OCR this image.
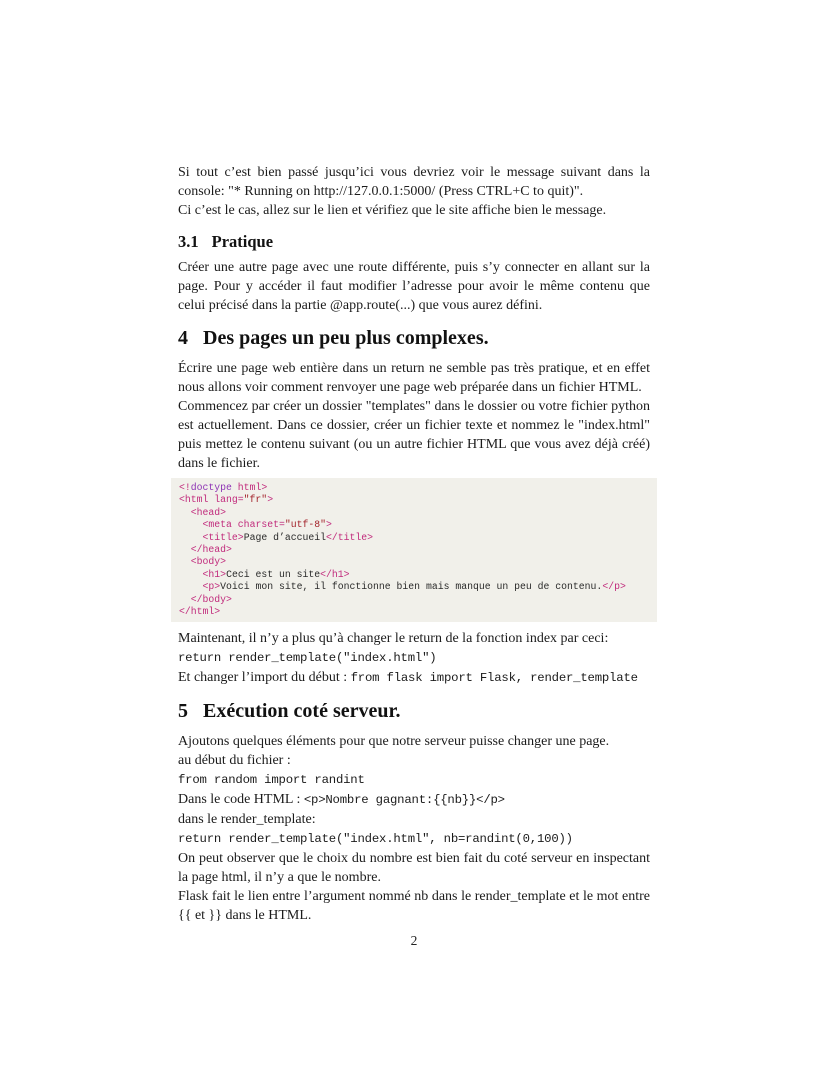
Si tout c’est bien passé jusqu’ici vous devriez voir le message suivant dans la console: "* Running on http://127.0.0.1:5000/ (Press CTRL+C to quit)".
Ci c’est le cas, allez sur le lien et vérifiez que le site affiche bien le message.

3.1 Pratique

Créer une autre page avec une route différente, puis s’y connecter en allant sur la page. Pour y accéder il faut modifier l’adresse pour avoir le même contenu que celui précisé dans la partie @app.route(...) que vous aurez défini.

4 Des pages un peu plus complexes.

Écrire une page web entière dans un return ne semble pas très pratique, et en effet nous allons voir comment renvoyer une page web préparée dans un fichier HTML.
Commencez par créer un dossier "templates" dans le dossier ou votre fichier python est actuellement. Dans ce dossier, créer un fichier texte et nommez le "index.html" puis mettez le contenu suivant (ou un autre fichier HTML que vous avez déjà créé) dans le fichier.

<!doctype html>
<html lang="fr">
<head>
<meta charset="utf-8">
<title>Page d’accueil</title>
</head>
<body>
<h1>Ceci est un site</h1>
<p>Voici mon site, il fonctionne bien mais manque un peu de contenu.</p>
</body>
</html>

Maintenant, il n’y a plus qu’à changer le return de la fonction index par ceci:
return render_template("index.html")
Et changer l’import du début : from flask import Flask, render_template

5 Exécution coté serveur.

Ajoutons quelques éléments pour que notre serveur puisse changer une page.
au début du fichier :
from random import randint
Dans le code HTML : <p>Nombre gagnant:{{nb}}</p>
dans le render_template:
return render_template("index.html", nb=randint(0,100))
On peut observer que le choix du nombre est bien fait du coté serveur en inspectant la page html, il n’y a que le nombre.
Flask fait le lien entre l’argument nommé nb dans le render_template et le mot entre {{ et }} dans le HTML.

2
